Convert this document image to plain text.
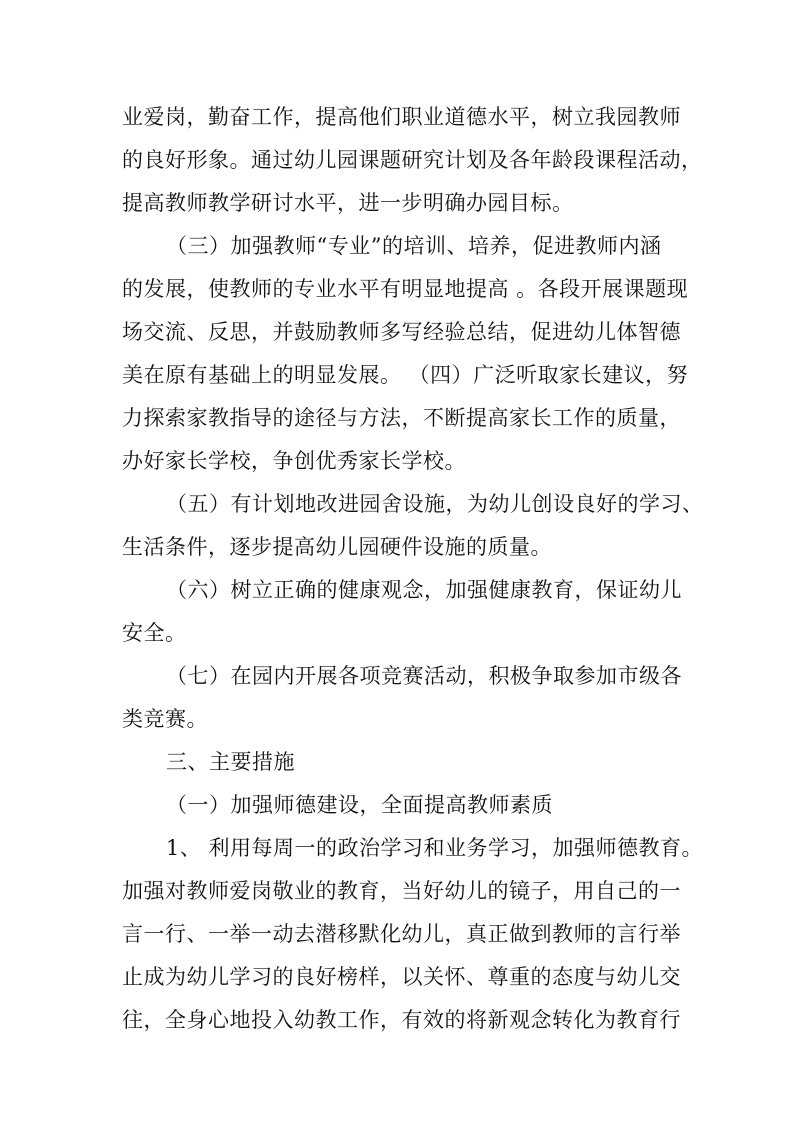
业爱岗，勤奋工作，提高他们职业道德水平，树立我园教师
的良好形象。通过幼儿园课题研究计划及各年龄段课程活动，
提高教师教学研讨水平，进一步明确办园目标。
（三）加强教师“专业”的培训、培养，促进教师内涵
的发展，使教师的专业水平有明显地提高 。各段开展课题现
场交流、反思，并鼓励教师多写经验总结，促进幼儿体智德
美在原有基础上的明显发展。 （四）广泛听取家长建议，努
力探索家教指导的途径与方法，不断提高家长工作的质量，
办好家长学校，争创优秀家长学校。
（五）有计划地改进园舍设施，为幼儿创设良好的学习、
生活条件，逐步提高幼儿园硬件设施的质量。
（六）树立正确的健康观念，加强健康教育，保证幼儿
安全。
（七）在园内开展各项竞赛活动，积极争取参加市级各
类竞赛。
三、主要措施
（一）加强师德建设，全面提高教师素质
1、 利用每周一的政治学习和业务学习，加强师德教育。
加强对教师爱岗敬业的教育，当好幼儿的镜子，用自己的一
言一行、一举一动去潜移默化幼儿，真正做到教师的言行举
止成为幼儿学习的良好榜样，以关怀、尊重的态度与幼儿交
往，全身心地投入幼教工作，有效的将新观念转化为教育行
